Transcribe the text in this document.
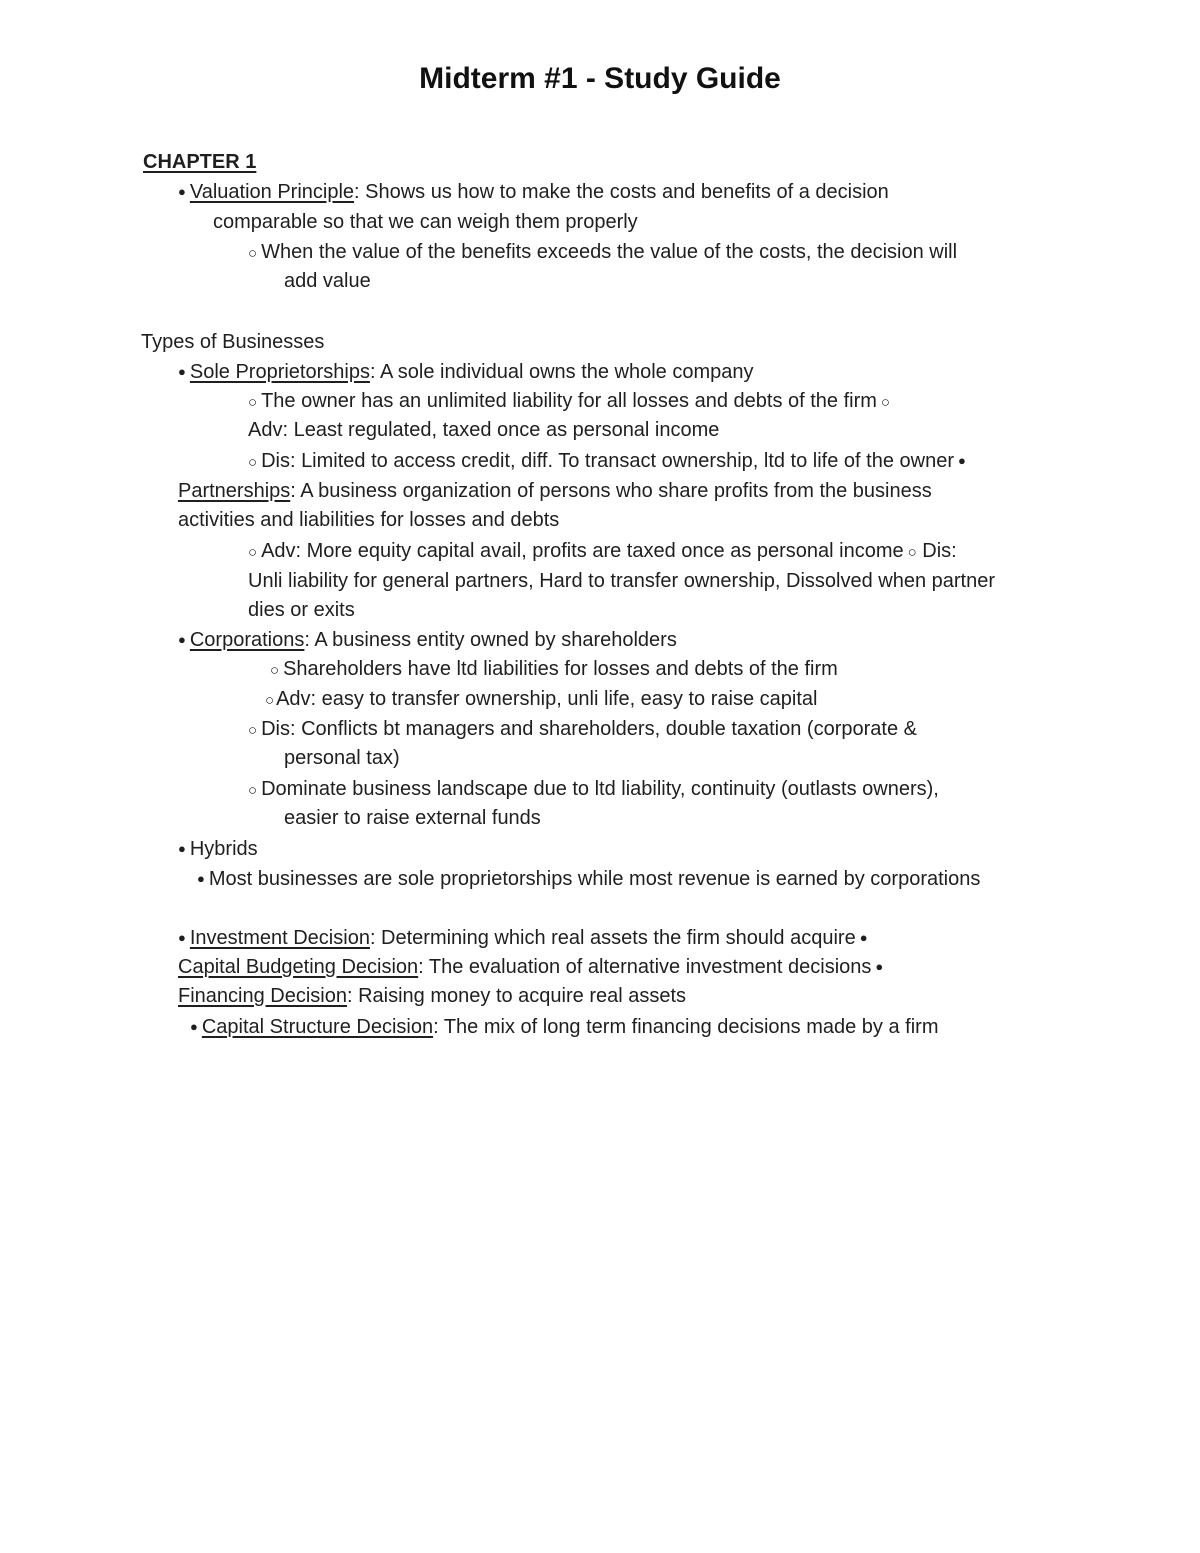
Midterm #1 - Study Guide
CHAPTER 1
● Valuation Principle: Shows us how to make the costs and benefits of a decision
comparable so that we can weigh them properly
○ When the value of the benefits exceeds the value of the costs, the decision will
add value
Types of Businesses
● Sole Proprietorships: A sole individual owns the whole company
○ The owner has an unlimited liability for all losses and debts of the firm ○
Adv: Least regulated, taxed once as personal income
○ Dis: Limited to access credit, diff. To transact ownership, ltd to life of the owner ●
Partnerships: A business organization of persons who share profits from the business
activities and liabilities for losses and debts
○ Adv: More equity capital avail, profits are taxed once as personal income ○ Dis:
Unli liability for general partners, Hard to transfer ownership, Dissolved when partner
dies or exits
● Corporations: A business entity owned by shareholders
○ Shareholders have ltd liabilities for losses and debts of the firm
○ Adv: easy to transfer ownership, unli life, easy to raise capital
○ Dis: Conflicts bt managers and shareholders, double taxation (corporate &
personal tax)
○ Dominate business landscape due to ltd liability, continuity (outlasts owners),
easier to raise external funds
● Hybrids
● Most businesses are sole proprietorships while most revenue is earned by corporations
● Investment Decision: Determining which real assets the firm should acquire ●
Capital Budgeting Decision: The evaluation of alternative investment decisions ●
Financing Decision: Raising money to acquire real assets
● Capital Structure Decision: The mix of long term financing decisions made by a firm
